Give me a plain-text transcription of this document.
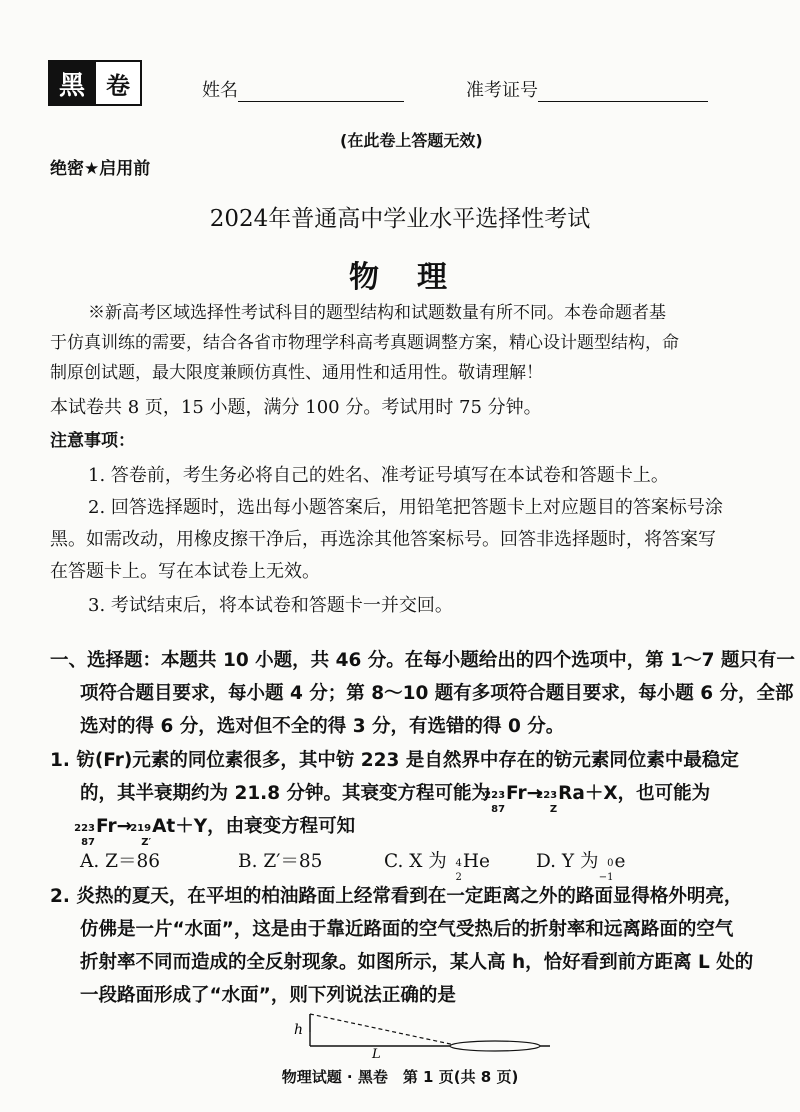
黑 卷	姓名	准考证号
(在此卷上答题无效)
绝密★启用前
2024年普通高中学业水平选择性考试
物　理
※新高考区域选择性考试科目的题型结构和试题数量有所不同。本卷命题者基
于仿真训练的需要，结合各省市物理学科高考真题调整方案，精心设计题型结构，命
制原创试题，最大限度兼顾仿真性、通用性和适用性。敬请理解！
本试卷共 8 页，15 小题，满分 100 分。考试用时 75 分钟。
注意事项：
1. 答卷前，考生务必将自己的姓名、准考证号填写在本试卷和答题卡上。
2. 回答选择题时，选出每小题答案后，用铅笔把答题卡上对应题目的答案标号涂
黑。如需改动，用橡皮擦干净后，再选涂其他答案标号。回答非选择题时，将答案写
在答题卡上。写在本试卷上无效。
3. 考试结束后，将本试卷和答题卡一并交回。
一、选择题：本题共 10 小题，共 46 分。在每小题给出的四个选项中，第 1～7 题只有一
项符合题目要求，每小题 4 分；第 8～10 题有多项符合题目要求，每小题 6 分，全部
选对的得 6 分，选对但不全的得 3 分，有选错的得 0 分。
1. 钫(Fr)元素的同位素很多，其中钫 223 是自然界中存在的钫元素同位素中最稳定
的，其半衰期约为 21.8 分钟。其衰变方程可能为
223
87
Fr→
223
Z
Ra＋X，也可能为
223
87
Fr→
219
Z′
At＋Y，由衰变方程可知
A. Z＝86	B. Z′＝85	C. X 为 4
2
He D. Y 为 0
−1
e
2. 炎热的夏天，在平坦的柏油路面上经常看到在一定距离之外的路面显得格外明亮，
仿佛是一片“水面”，这是由于靠近路面的空气受热后的折射率和远离路面的空气
折射率不同而造成的全反射现象。如图所示，某人高 h，恰好看到前方距离 L 处的
一段路面形成了“水面”，则下列说法正确的是
h
L
物理试题 · 黑卷　第 1 页(共 8 页)
